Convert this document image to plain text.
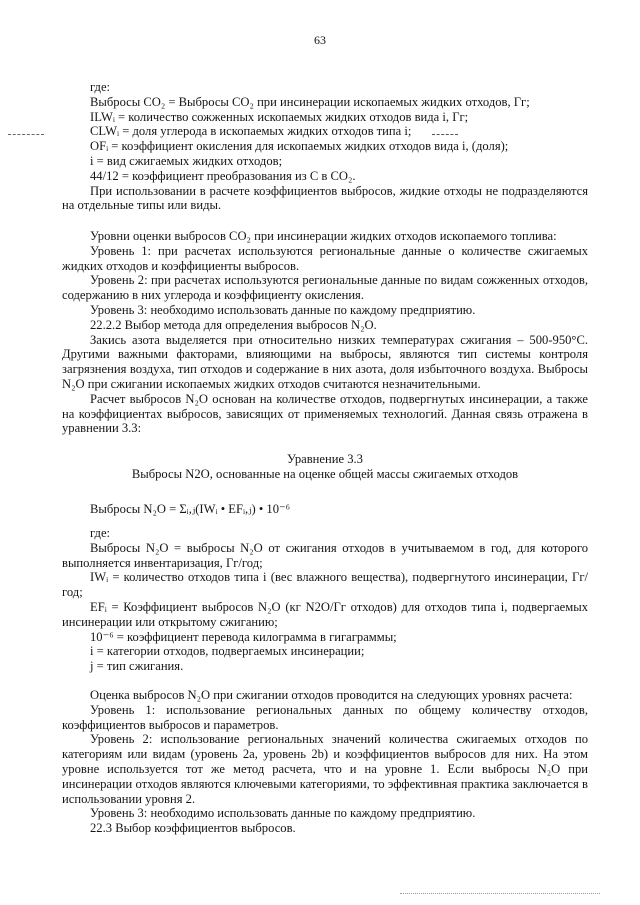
63

где:

Выбросы CO₂ = Выбросы CO₂ при инсинерации ископаемых жидких отходов, Гг;

ILWᵢ = количество сожженных ископаемых жидких отходов вида i, Гг;

CLWᵢ = доля углерода в ископаемых жидких отходов типа i;

OFᵢ = коэффициент окисления для ископаемых жидких отходов вида i, (доля);

i = вид сжигаемых жидких отходов;

44/12 = коэффициент преобразования из С в CO₂.

При использовании в расчете коэффициентов выбросов, жидкие отходы не подразделяются на отдельные типы или виды.

Уровни оценки выбросов CO₂ при инсинерации жидких отходов ископаемого топлива:

Уровень 1: при расчетах используются региональные данные о количестве сжигаемых жидких отходов и коэффициенты выбросов.

Уровень 2: при расчетах используются региональные данные по видам сожженных отходов, содержанию в них углерода и коэффициенту окисления.

Уровень 3: необходимо использовать данные по каждому предприятию.

22.2.2 Выбор метода для определения выбросов N₂O.

Закись азота выделяется при относительно низких температурах сжигания – 500-950°С. Другими важными факторами, влияющими на выбросы, являются тип системы контроля загрязнения воздуха, тип отходов и содержание в них азота, доля избыточного воздуха. Выбросы N₂O при сжигании ископаемых жидких отходов считаются незначительными.

Расчет выбросов N₂O основан на количестве отходов, подвергнутых инсинерации, а также на коэффициентах выбросов, зависящих от применяемых технологий. Данная связь отражена в уравнении 3.3:

Уравнение 3.3

Выбросы N2O, основанные на оценке общей массы сжигаемых отходов

Выбросы N₂O = Σᵢ,ⱼ(IWᵢ • EFᵢ,ⱼ) • 10⁻⁶

где:

Выбросы N₂O = выбросы N₂O от сжигания отходов в учитываемом в год, для которого выполняется инвентаризация, Гг/год;

IWᵢ = количество отходов типа i (вес влажного вещества), подвергнутого инсинерации, Гг/год;

EFᵢ = Коэффициент выбросов N₂O (кг N2O/Гг отходов) для отходов типа i, подвергаемых инсинерации или открытому сжиганию;

10⁻⁶ = коэффициент перевода килограмма в гигаграммы;

i = категории отходов, подвергаемых инсинерации;

j = тип сжигания.

Оценка выбросов N₂O при сжигании отходов проводится на следующих уровнях расчета:

Уровень 1: использование региональных данных по общему количеству отходов, коэффициентов выбросов и параметров.

Уровень 2: использование региональных значений количества сжигаемых отходов по категориям или видам (уровень 2a, уровень 2b) и коэффициентов выбросов для них. На этом уровне используется тот же метод расчета, что и на уровне 1. Если выбросы N₂O при инсинерации отходов являются ключевыми категориями, то эффективная практика заключается в использовании уровня 2.

Уровень 3: необходимо использовать данные по каждому предприятию.

22.3 Выбор коэффициентов выбросов.
